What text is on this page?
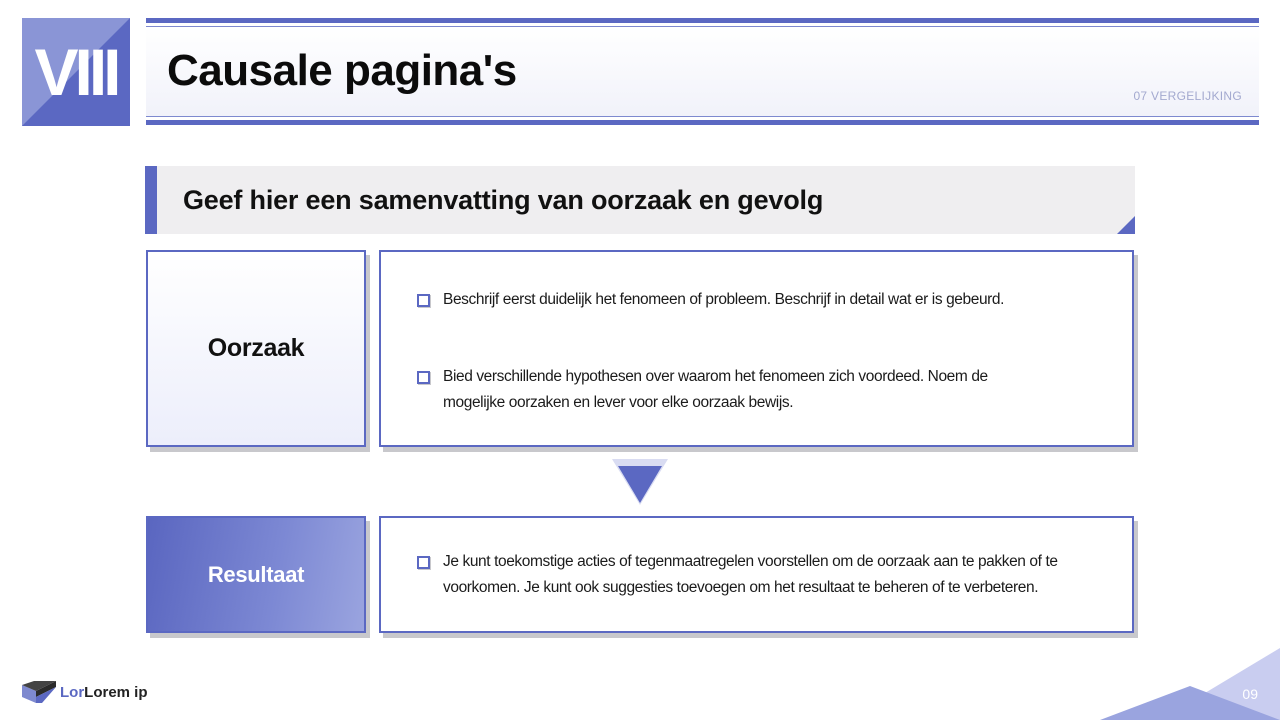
VIII Causale pagina's
07 VERGELIJKING
Geef hier een samenvatting van oorzaak en gevolg
Oorzaak
Beschrijf eerst duidelijk het fenomeen of probleem. Beschrijf in detail wat er is gebeurd.
Bied verschillende hypothesen over waarom het fenomeen zich voordeed. Noem de mogelijke oorzaken en lever voor elke oorzaak bewijs.
Resultaat	Je kunt toekomstige acties of tegenmaatregelen voorstellen om de oorzaak aan te pakken of te voorkomen. Je kunt ook suggesties toevoegen om het resultaat te beheren of te verbeteren.
LorLorem ip	09
